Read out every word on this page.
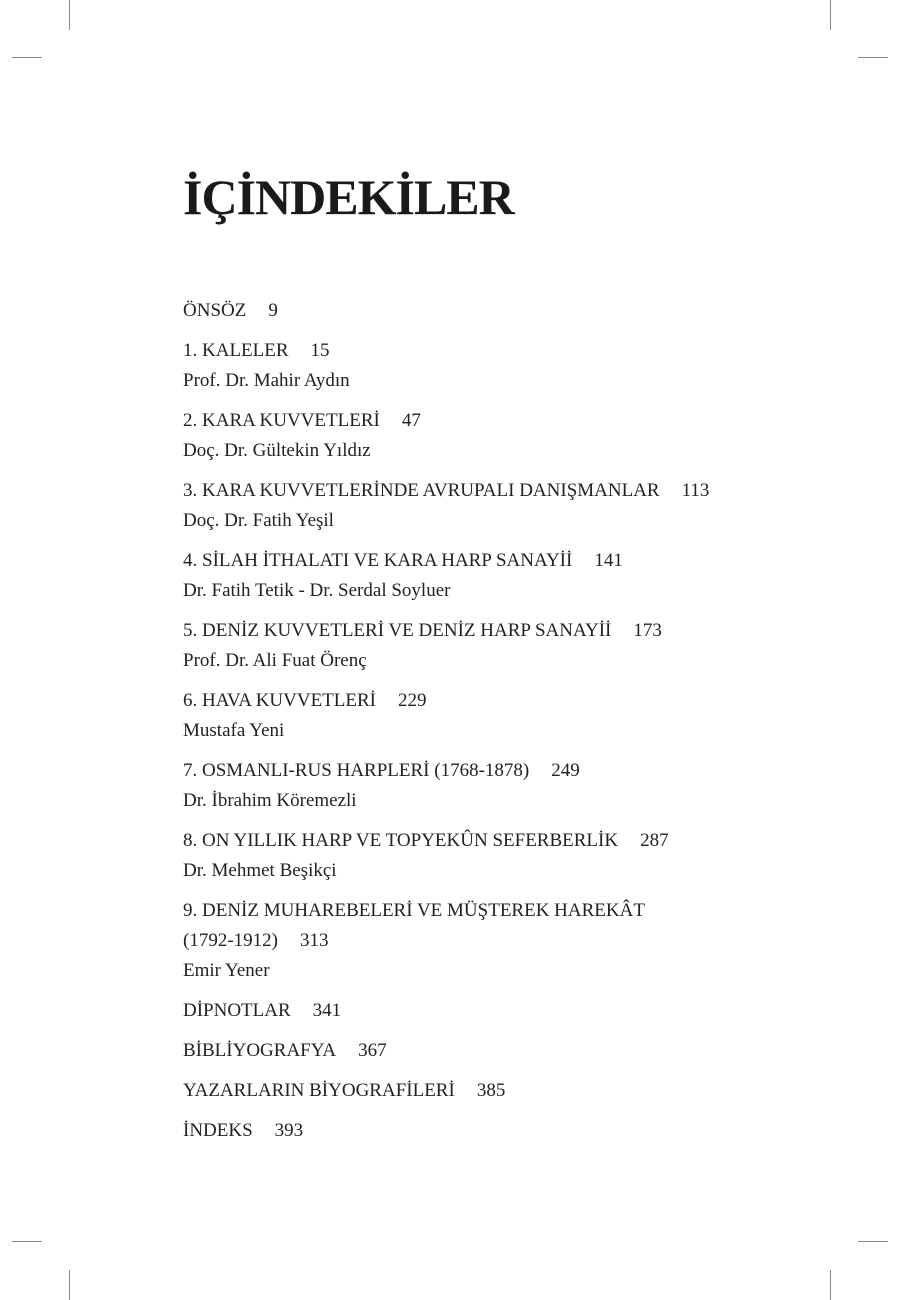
İÇİNDEKİLER
ÖNSÖZ 9
1. KALELER 15
Prof. Dr. Mahir Aydın
2. KARA KUVVETLERİ 47
Doç. Dr. Gültekin Yıldız
3. KARA KUVVETLERİNDE AVRUPALI DANIŞMANLAR 113
Doç. Dr. Fatih Yeşil
4. SİLAH İTHALATI VE KARA HARP SANAYİİ 141
Dr. Fatih Tetik - Dr. Serdal Soyluer
5. DENİZ KUVVETLERİ VE DENİZ HARP SANAYİİ 173
Prof. Dr. Ali Fuat Örenç
6. HAVA KUVVETLERİ 229
Mustafa Yeni
7. OSMANLI-RUS HARPLERİ (1768-1878) 249
Dr. İbrahim Köremezli
8. ON YILLIK HARP VE TOPYEKÛN SEFERBERLİK 287
Dr. Mehmet Beşikçi
9. DENİZ MUHAREBELERİ VE MÜŞTEREK HAREKÂT
(1792-1912) 313
Emir Yener
DİPNOTLAR 341
BİBLİYOGRAFYA 367
YAZARLARIN BİYOGRAFİLERİ 385
İNDEKS 393
